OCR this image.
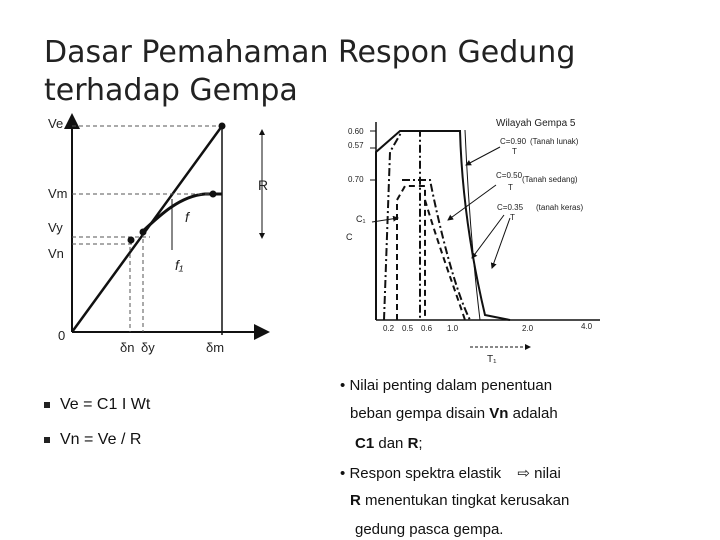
Dasar Pemahaman Respon Gedung terhadap Gempa
Ve
Vm
Vy
Vn
0
δn δy	δm
R
f
f₁
Wilayah Gempa 5
0.60
0.57
0.70
C=0.90 (Tanah lunak)
T
C=0.50 (Tanah sedang)
T
C=0.35 (tanah keras)
T
C₁
C
0.2 0.5 0.6 1.0	2.0	4.0
T₁
Ve = C1 I Wt
Vn = Ve / R
• Nilai penting dalam penentuan
beban gempa disain Vn adalah
C1 dan R;
• Respon spektra elastik ⇨ nilai
R menentukan tingkat kerusakan
gedung pasca gempa.
